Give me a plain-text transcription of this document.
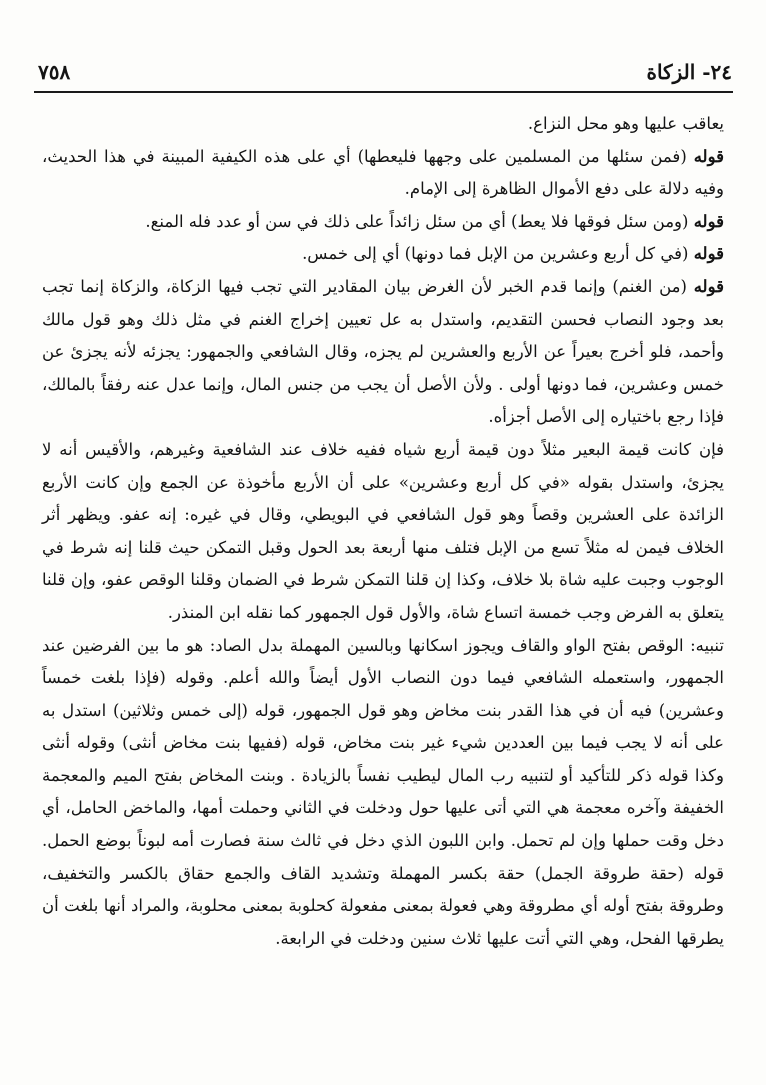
٢٤- الزكاة
٧٥٨

يعاقب عليها وهو محل النزاع.

قوله (فمن سئلها من المسلمين على وجهها فليعطها) أي على هذه الكيفية المبينة في هذا الحديث، وفيه دلالة على دفع الأموال الظاهرة إلى الإمام.

قوله (ومن سئل فوقها فلا يعط) أي من سئل زائداً على ذلك في سن أو عدد فله المنع.

قوله (في كل أربع وعشرين من الإبل فما دونها) أي إلى خمس.

قوله (من الغنم) وإنما قدم الخبر لأن الغرض بيان المقادير التي تجب فيها الزكاة، والزكاة إنما تجب بعد وجود النصاب فحسن التقديم، واستدل به عل تعيين إخراج الغنم في مثل ذلك وهو قول مالك وأحمد، فلو أخرج بعيراً عن الأربع والعشرين لم يجزه، وقال الشافعي والجمهور: يجزئه لأنه يجزئ عن خمس وعشرين، فما دونها أولى . ولأن الأصل أن يجب من جنس المال، وإنما عدل عنه رفقاً بالمالك، فإذا رجع باختياره إلى الأصل أجزأه.

فإن كانت قيمة البعير مثلاً دون قيمة أربع شياه ففيه خلاف عند الشافعية وغيرهم، والأقيس أنه لا يجزئ، واستدل بقوله «في كل أربع وعشرين» على أن الأربع مأخوذة عن الجمع وإن كانت الأربع الزائدة على العشرين وقصاً وهو قول الشافعي في البويطي، وقال في غيره: إنه عفو. ويظهر أثر الخلاف فيمن له مثلاً تسع من الإبل فتلف منها أربعة بعد الحول وقبل التمكن حيث قلنا إنه شرط في الوجوب وجبت عليه شاة بلا خلاف، وكذا إن قلنا التمكن شرط في الضمان وقلنا الوقص عفو، وإن قلنا يتعلق به الفرض وجب خمسة اتساع شاة، والأول قول الجمهور كما نقله ابن المنذر.

تنبيه: الوقص بفتح الواو والقاف ويجوز اسكانها وبالسين المهملة بدل الصاد: هو ما بين الفرضين عند الجمهور، واستعمله الشافعي فيما دون النصاب الأول أيضاً والله أعلم. وقوله (فإذا بلغت خمساً وعشرين) فيه أن في هذا القدر بنت مخاض وهو قول الجمهور، قوله (إلى خمس وثلاثين) استدل به على أنه لا يجب فيما بين العددين شيء غير بنت مخاض، قوله (ففيها بنت مخاض أنثى) وقوله أنثى وكذا قوله ذكر للتأكيد أو لتنبيه رب المال ليطيب نفساً بالزيادة . وبنت المخاض بفتح الميم والمعجمة الخفيفة وآخره معجمة هي التي أتى عليها حول ودخلت في الثاني وحملت أمها، والماخض الحامل، أي دخل وقت حملها وإن لم تحمل. وابن اللبون الذي دخل في ثالث سنة فصارت أمه لبوناً بوضع الحمل. قوله (حقة طروقة الجمل) حقة بكسر المهملة وتشديد القاف والجمع حقاق بالكسر والتخفيف، وطروقة بفتح أوله أي مطروقة وهي فعولة بمعنى مفعولة كحلوبة بمعنى محلوبة، والمراد أنها بلغت أن يطرقها الفحل، وهي التي أتت عليها ثلاث سنين ودخلت في الرابعة.
